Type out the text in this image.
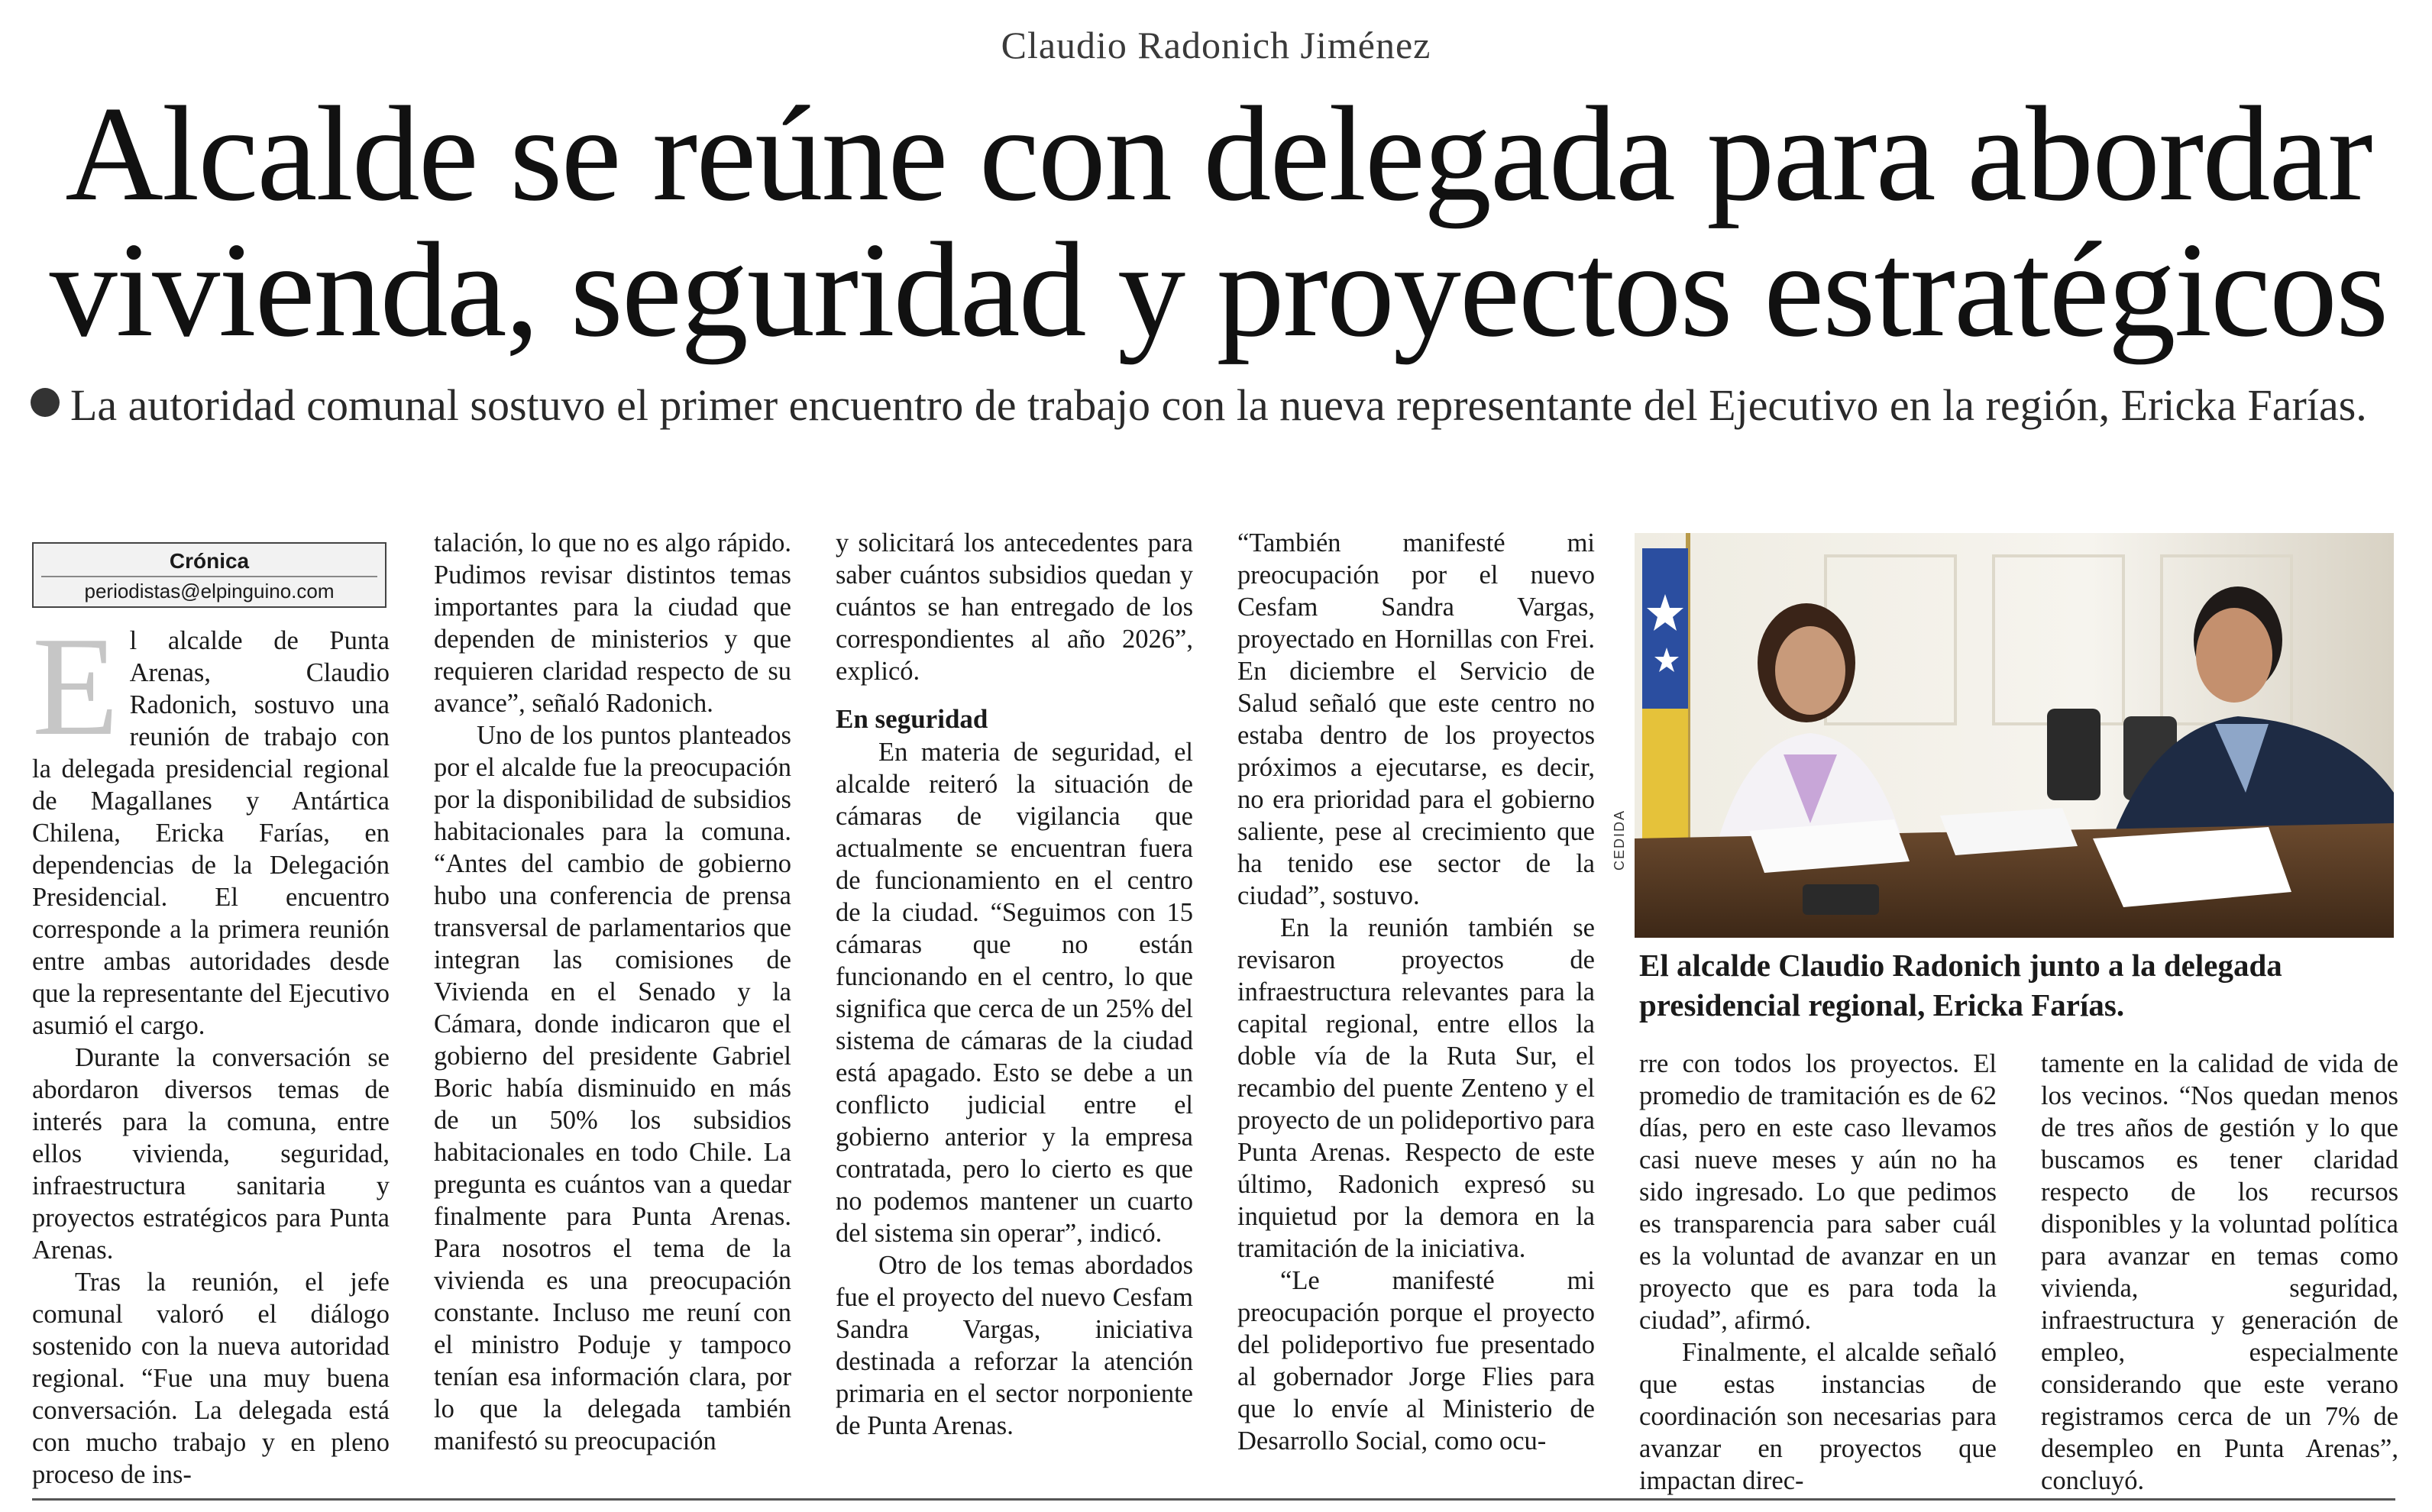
Claudio Radonich Jiménez
Alcalde se reúne con delegada para abordar
vivienda, seguridad y proyectos estratégicos
La autoridad comunal sostuvo el primer encuentro de trabajo con la nueva representante del Ejecutivo en la región, Ericka Farías.
Crónica
periodistas@elpinguino.com
E l alcalde de Punta Arenas, Claudio Radonich, sostuvo una reunión de trabajo con la delegada presidencial regional de Magallanes y Antártica Chilena, Ericka Farías, en dependencias de la Delegación Presidencial. El encuentro corresponde a la primera reunión entre ambas autoridades desde que la representante del Ejecutivo asumió el cargo.

Durante la conversación se abordaron diversos temas de interés para la comuna, entre ellos vivienda, seguridad, infraestructura sanitaria y proyectos estratégicos para Punta Arenas.

Tras la reunión, el jefe comunal valoró el diálogo sostenido con la nueva autoridad regional. “Fue una muy buena conversación. La delegada está con mucho trabajo y en pleno proceso de ins-

talación, lo que no es algo rápido. Pudimos revisar distintos temas importantes para la ciudad que dependen de ministerios y que requieren claridad respecto de su avance”, señaló Radonich.

Uno de los puntos planteados por el alcalde fue la preocupación por la disponibilidad de subsidios habitacionales para la comuna. “Antes del cambio de gobierno hubo una conferencia de prensa transversal de parlamentarios que integran las comisiones de Vivienda en el Senado y la Cámara, donde indicaron que el gobierno del presidente Gabriel Boric había disminuido en más de un 50% los subsidios habitacionales en todo Chile. La pregunta es cuántos van a quedar finalmente para Punta Arenas. Para nosotros el tema de la vivienda es una preocupación constante. Incluso me reuní con el ministro Poduje y tampoco tenían esa información clara, por lo que la delegada también manifestó su preocupación

y solicitará los antecedentes para saber cuántos subsidios quedan y cuántos se han entregado de los correspondientes al año 2026”, explicó.

En seguridad

En materia de seguridad, el alcalde reiteró la situación de cámaras de vigilancia que actualmente se encuentran fuera de funcionamiento en el centro de la ciudad. “Seguimos con 15 cámaras que no están funcionando en el centro, lo que significa que cerca de un 25% del sistema de cámaras de la ciudad está apagado. Esto se debe a un conflicto judicial entre el gobierno anterior y la empresa contratada, pero lo cierto es que no podemos mantener un cuarto del sistema sin operar”, indicó.

Otro de los temas abordados fue el proyecto del nuevo Cesfam Sandra Vargas, iniciativa destinada a reforzar la atención primaria en el sector norponiente de Punta Arenas.

“También manifesté mi preocupación por el nuevo Cesfam Sandra Vargas, proyectado en Hornillas con Frei. En diciembre el Servicio de Salud señaló que este centro no estaba dentro de los proyectos próximos a ejecutarse, es decir, no era prioridad para el gobierno saliente, pese al crecimiento que ha tenido ese sector de la ciudad”, sostuvo.

En la reunión también se revisaron proyectos de infraestructura relevantes para la capital regional, entre ellos la doble vía de la Ruta Sur, el recambio del puente Zenteno y el proyecto de un polideportivo para Punta Arenas. Respecto de este último, Radonich expresó su inquietud por la demora en la tramitación de la iniciativa.

“Le manifesté mi preocupación porque el proyecto del polideportivo fue presentado al gobernador Jorge Flies para que lo envíe al Ministerio de Desarrollo Social, como ocu-

CEDIDA
El alcalde Claudio Radonich junto a la delegada presidencial regional, Ericka Farías.

rre con todos los proyectos. El promedio de tramitación es de 62 días, pero en este caso llevamos casi nueve meses y aún no ha sido ingresado. Lo que pedimos es transparencia para saber cuál es la voluntad de avanzar en un proyecto que es para toda la ciudad”, afirmó.

Finalmente, el alcalde señaló que estas instancias de coordinación son necesarias para avanzar en proyectos que impactan direc-

tamente en la calidad de vida de los vecinos. “Nos quedan menos de tres años de gestión y lo que buscamos es tener claridad respecto de los recursos disponibles y la voluntad política para avanzar en temas como vivienda, seguridad, infraestructura y generación de empleo, especialmente considerando que este verano registramos cerca de un 7% de desempleo en Punta Arenas”, concluyó.
